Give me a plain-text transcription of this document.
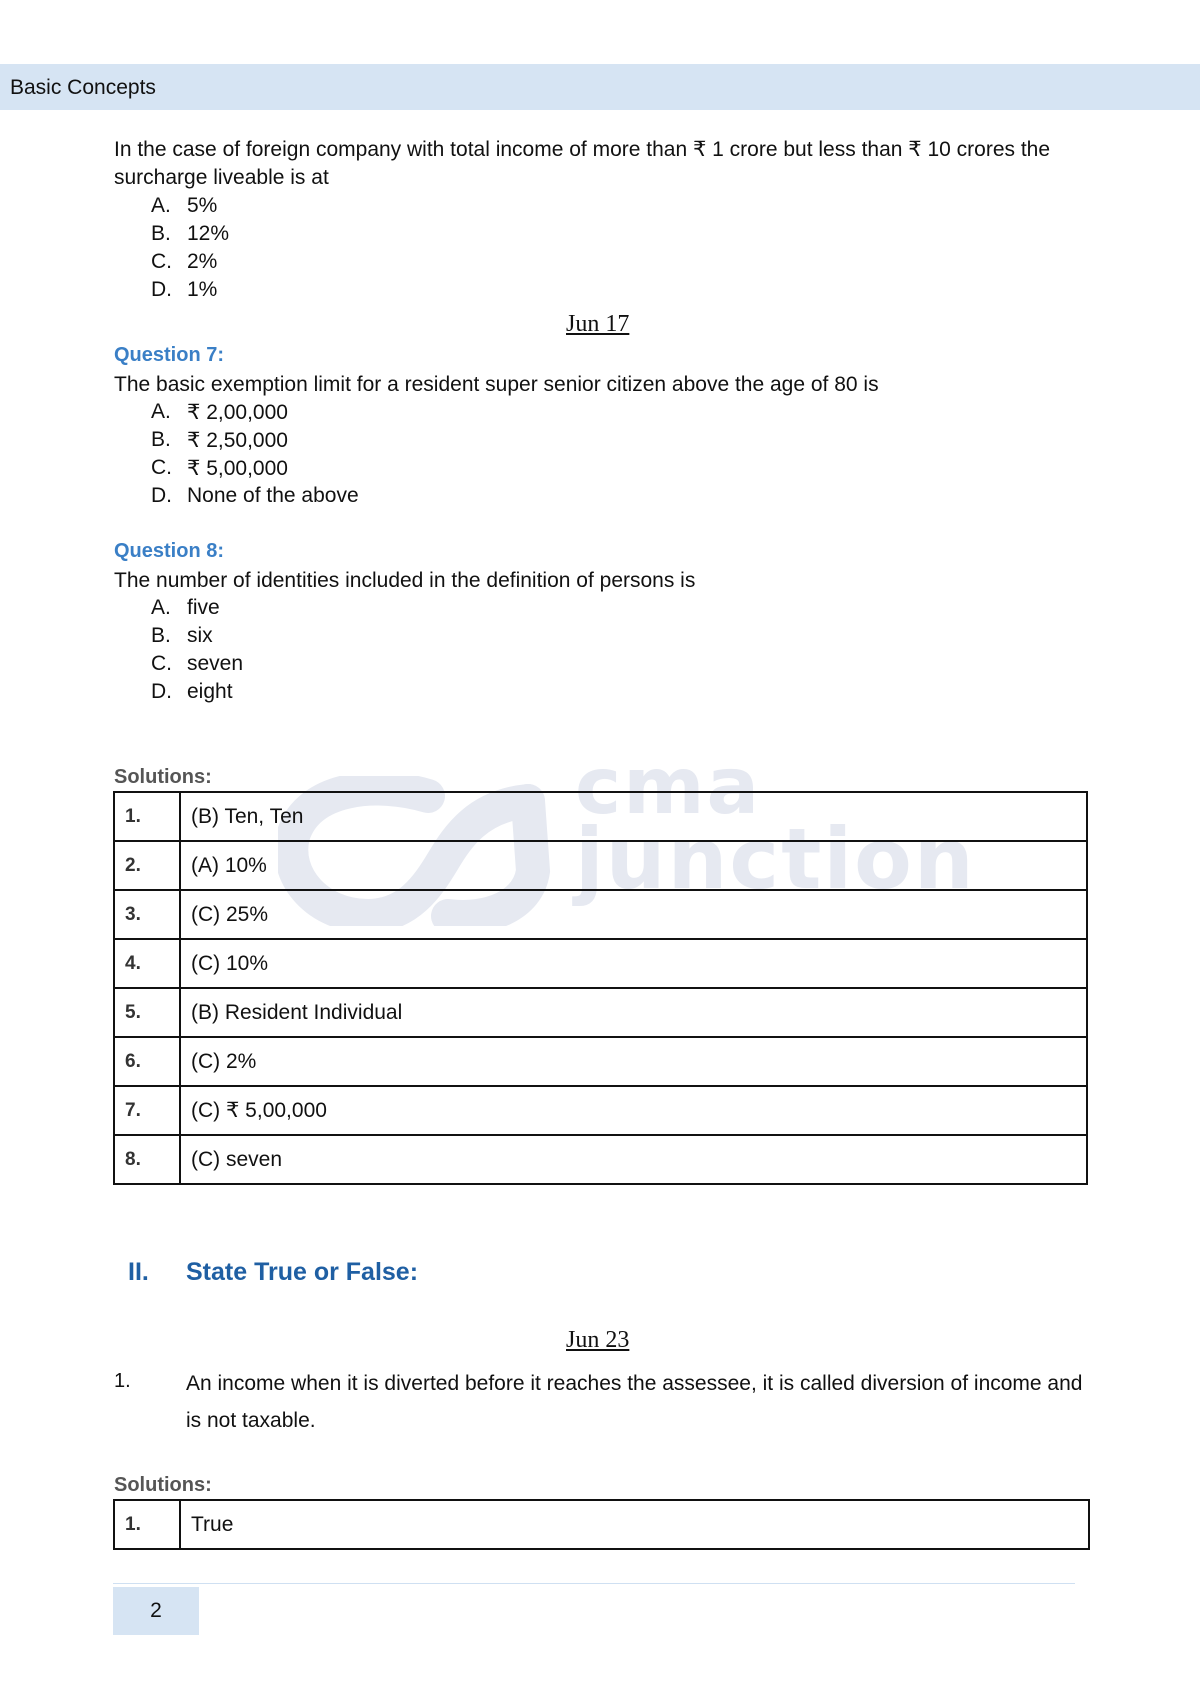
Basic Concepts
cma
junction
In the case of foreign company with total income of more than ₹ 1 crore but less than ₹ 10 crores the surcharge liveable is at
A. 5%
B. 12%
C. 2%
D. 1%
Jun 17
Question 7:
The basic exemption limit for a resident super senior citizen above the age of 80 is
A. ₹ 2,00,000
B. ₹ 2,50,000
C. ₹ 5,00,000
D. None of the above
Question 8:
The number of identities included in the definition of persons is
A. five
B. six
C. seven
D. eight
Solutions:
1.	(B) Ten, Ten
2.	(A) 10%
3.	(C) 25%
4.	(C) 10%
5.	(B) Resident Individual
6.	(C) 2%
7.	(C) ₹ 5,00,000
8.	(C) seven
II. State True or False:
Jun 23
1.	An income when it is diverted before it reaches the assessee, it is called diversion of income and is not taxable.
Solutions:
1.	True
2
